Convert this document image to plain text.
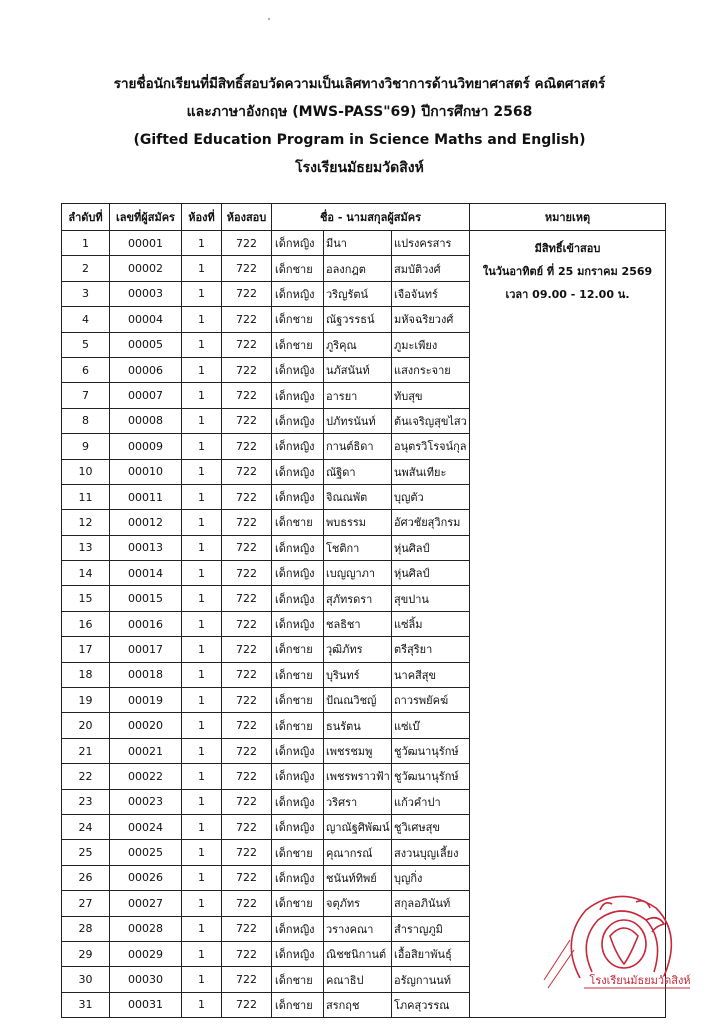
รายชื่อนักเรียนที่มีสิทธิ์สอบวัดความเป็นเลิศทางวิชาการด้านวิทยาศาสตร์ คณิตศาสตร์
และภาษาอังกฤษ (MWS-PASS"69) ปีการศึกษา 2568
(Gifted Education Program in Science Maths and English)
โรงเรียนมัธยมวัดสิงห์
ลำดับที่	เลขที่ผู้สมัคร	ห้องที่	ห้องสอบ	ชื่อ - นามสกุลผู้สมัคร			หมายเหตุ
1	00001	1	722	เด็กหญิง	มีนา	แปรงครสาร	มีสิทธิ์เข้าสอบ
ในวันอาทิตย์ ที่ 25 มกราคม 2569
เวลา 09.00 - 12.00 น.

2	00002	1	722	เด็กชาย	อลงกฎต	สมบัติวงศ์	
3	00003	1	722	เด็กหญิง	วริญรัตน์	เจือจันทร์	
4	00004	1	722	เด็กชาย	ณัฐวรรธน์	มหัจฉริยวงศ์	
5	00005	1	722	เด็กชาย	ภูริคุณ	ภูมะเพียง	
6	00006	1	722	เด็กหญิง	นภัสนันท์	แสงกระจาย	
7	00007	1	722	เด็กหญิง	อารยา	ทับสุข	
8	00008	1	722	เด็กหญิง	ปภัทรนันท์	ต้นเจริญสุขไสว	
9	00009	1	722	เด็กหญิง	กานต์ธิดา	อนุตรวิโรจน์กุล	
10	00010	1	722	เด็กหญิง	ณัฐิดา	นพสันเทียะ	
11	00011	1	722	เด็กหญิง	จิณณพัต	บุญตัว	
12	00012	1	722	เด็กชาย	พบธรรม	อัศวชัยสุวิกรม	
13	00013	1	722	เด็กหญิง	โชติกา	หุ่นศิลป์	
14	00014	1	722	เด็กหญิง	เบญญาภา	หุ่นศิลป์	
15	00015	1	722	เด็กหญิง	สุภัทรดรา	สุขปาน	
16	00016	1	722	เด็กหญิง	ชลธิชา	แซ่ลิ้ม	
17	00017	1	722	เด็กชาย	วุฒิภัทร	ตรีสุริยา	
18	00018	1	722	เด็กชาย	บุรินทร์	นาคสีสุข	
19	00019	1	722	เด็กชาย	ปัณณวิชญ์	ถาวรพยัคฆ์	
20	00020	1	722	เด็กชาย	ธนรัตน	แซ่เบ๊	
21	00021	1	722	เด็กหญิง	เพชรชมพู	ชูวัฒนานุรักษ์	
22	00022	1	722	เด็กหญิง	เพชรพราวฟ้า	ชูวัฒนานุรักษ์	
23	00023	1	722	เด็กหญิง	วริศรา	แก้วคำปา	
24	00024	1	722	เด็กหญิง	ญาณัฐศิพัฒน์	ชูวิเศษสุข	
25	00025	1	722	เด็กชาย	คุณากรณ์	สงวนบุญเลี้ยง	
26	00026	1	722	เด็กหญิง	ชนันท์ทิพย์	บุญกิ่ง	
27	00027	1	722	เด็กชาย	จตุภัทร	สกุลอภินันท์	
28	00028	1	722	เด็กหญิง	วรางคณา	สำราญภูมิ	
29	00029	1	722	เด็กหญิง	ณิชชนิกานต์	เอื้อสิยาพันธุ์	
30	00030	1	722	เด็กชาย	คณาธิป	อรัญกานนท์	
31	00031	1	722	เด็กชาย	สรกฤช	โภคสุวรรณ	
โรงเรียนมัธยมวัดสิงห์
